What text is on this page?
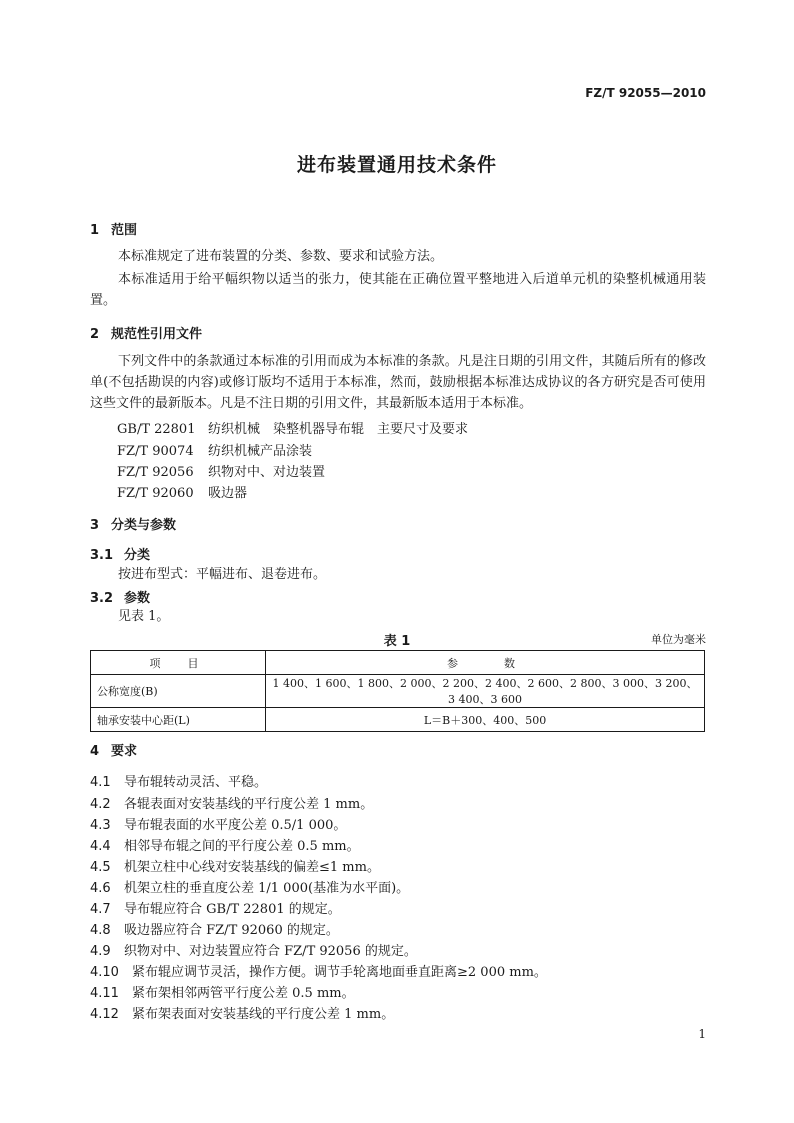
FZ/T 92055—2010
进布装置通用技术条件
1 范围
本标准规定了进布装置的分类、参数、要求和试验方法。
本标准适用于给平幅织物以适当的张力，使其能在正确位置平整地进入后道单元机的染整机械通用装置。
2 规范性引用文件
下列文件中的条款通过本标准的引用而成为本标准的条款。凡是注日期的引用文件，其随后所有的修改单(不包括勘误的内容)或修订版均不适用于本标准，然而，鼓励根据本标准达成协议的各方研究是否可使用这些文件的最新版本。凡是不注日期的引用文件，其最新版本适用于本标准。
GB/T 22801 纺织机械　染整机器导布辊　主要尺寸及要求
FZ/T 90074 纺织机械产品涂装
FZ/T 92056 织物对中、对边装置
FZ/T 92060 吸边器
3 分类与参数
3.1 分类
按进布型式：平幅进布、退卷进布。
3.2 参数
见表 1。
表 1	单位为毫米
项　目	参　　数
公称宽度(B)	1 400、1 600、1 800、2 000、2 200、2 400、2 600、2 800、3 000、3 200、3 400、3 600
轴承安装中心距(L)	L＝B＋300、400、500
4 要求
4.1 导布辊转动灵活、平稳。
4.2 各辊表面对安装基线的平行度公差 1 mm。
4.3 导布辊表面的水平度公差 0.5/1 000。
4.4 相邻导布辊之间的平行度公差 0.5 mm。
4.5 机架立柱中心线对安装基线的偏差≤1 mm。
4.6 机架立柱的垂直度公差 1/1 000(基准为水平面)。
4.7 导布辊应符合 GB/T 22801 的规定。
4.8 吸边器应符合 FZ/T 92060 的规定。
4.9 织物对中、对边装置应符合 FZ/T 92056 的规定。
4.10 紧布辊应调节灵活，操作方便。调节手轮离地面垂直距离≥2 000 mm。
4.11 紧布架相邻两管平行度公差 0.5 mm。
4.12 紧布架表面对安装基线的平行度公差 1 mm。
1
